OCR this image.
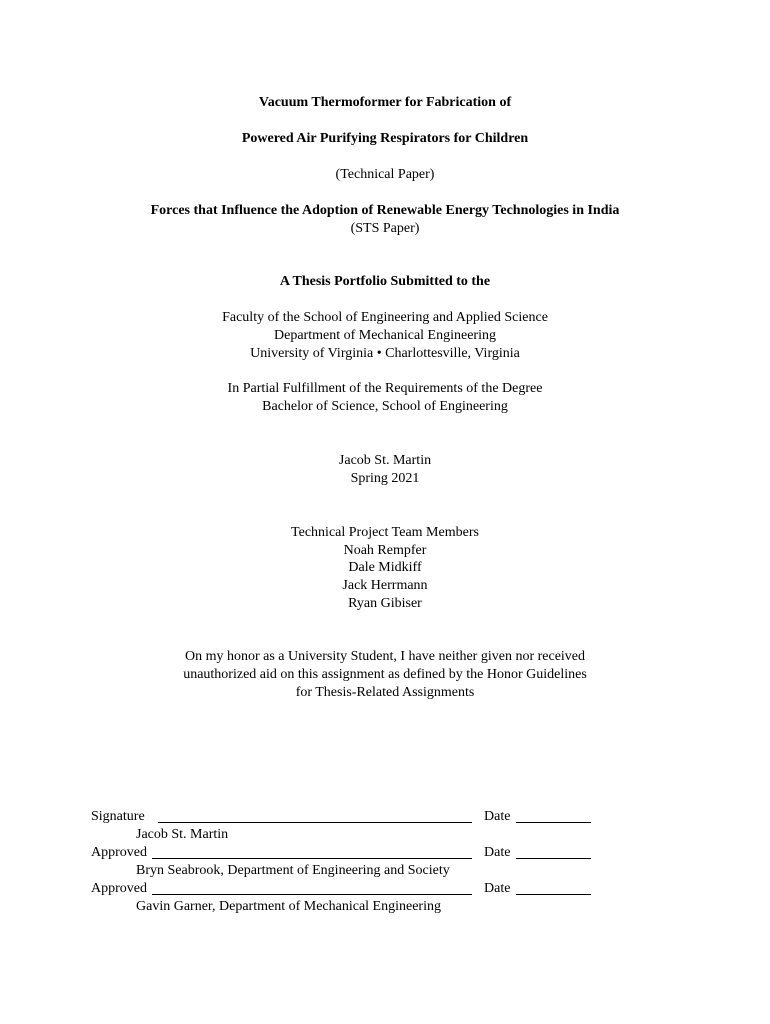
Vacuum Thermoformer for Fabrication of
Powered Air Purifying Respirators for Children
(Technical Paper)
Forces that Influence the Adoption of Renewable Energy Technologies in India
(STS Paper)
A Thesis Portfolio Submitted to the
Faculty of the School of Engineering and Applied Science
Department of Mechanical Engineering
University of Virginia • Charlottesville, Virginia
In Partial Fulfillment of the Requirements of the Degree
Bachelor of Science, School of Engineering
Jacob St. Martin
Spring 2021
Technical Project Team Members
Noah Rempfer
Dale Midkiff
Jack Herrmann
Ryan Gibiser
On my honor as a University Student, I have neither given nor received
unauthorized aid on this assignment as defined by the Honor Guidelines
for Thesis-Related Assignments
Signature	Date
Jacob St. Martin
Approved	Date
Bryn Seabrook, Department of Engineering and Society
Approved	Date
Gavin Garner, Department of Mechanical Engineering
